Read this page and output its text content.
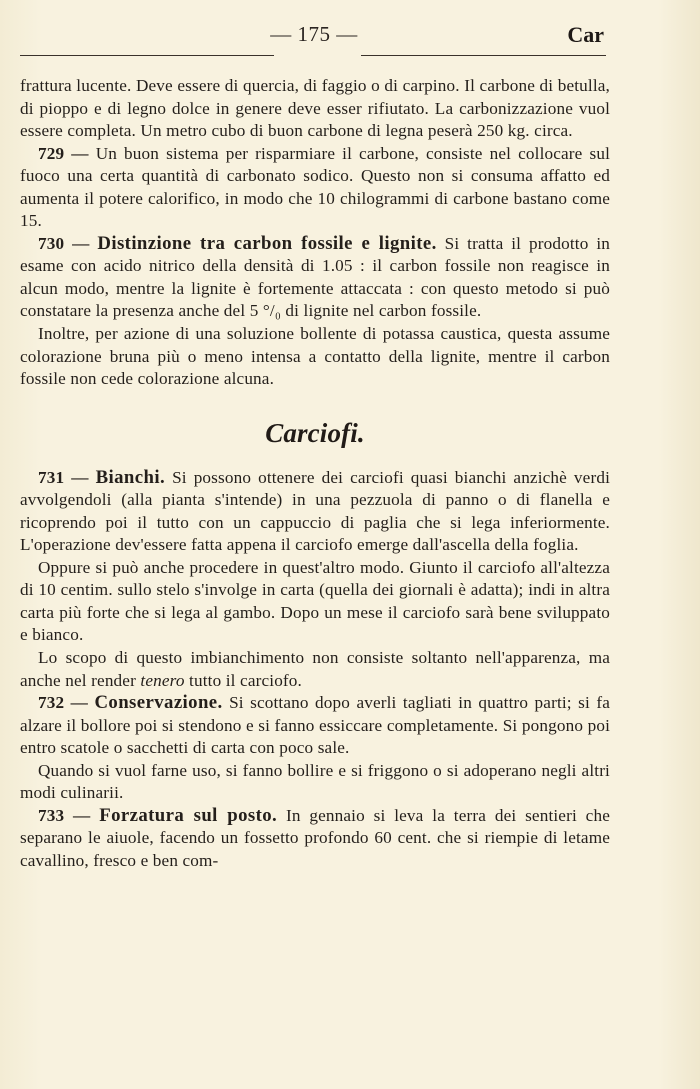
— 175 —	Car

frattura lucente. Deve essere di quercia, di faggio o di carpino. Il carbone di betulla, di pioppo e di legno dolce in genere deve esser rifiutato. La carbonizzazione vuol essere completa. Un metro cubo di buon carbone di legna peserà 250 kg. circa.

729 — Un buon sistema per risparmiare il carbone, consiste nel collocare sul fuoco una certa quantità di carbonato sodico. Questo non si consuma affatto ed aumenta il potere calorifico, in modo che 10 chilogrammi di carbone bastano come 15.

730 — Distinzione tra carbon fossile e lignite. Si tratta il prodotto in esame con acido nitrico della densità di 1.05 : il carbon fossile non reagisce in alcun modo, mentre la lignite è fortemente attaccata : con questo metodo si può constatare la presenza anche del 5 °/₀ di lignite nel carbon fossile.

Inoltre, per azione di una soluzione bollente di potassa caustica, questa assume colorazione bruna più o meno intensa a contatto della lignite, mentre il carbon fossile non cede colorazione alcuna.

Carciofi.

731 — Bianchi. Si possono ottenere dei carciofi quasi bianchi anzichè verdi avvolgendoli (alla pianta s'intende) in una pezzuola di panno o di flanella e ricoprendo poi il tutto con un cappuccio di paglia che si lega inferiormente. L'operazione dev'essere fatta appena il carciofo emerge dall'ascella della foglia.

Oppure si può anche procedere in quest'altro modo. Giunto il carciofo all'altezza di 10 centim. sullo stelo s'involge in carta (quella dei giornali è adatta); indi in altra carta più forte che si lega al gambo. Dopo un mese il carciofo sarà bene sviluppato e bianco.

Lo scopo di questo imbianchimento non consiste soltanto nell'apparenza, ma anche nel render tenero tutto il carciofo.

732 — Conservazione. Si scottano dopo averli tagliati in quattro parti; si fa alzare il bollore poi si stendono e si fanno essiccare completamente. Si pongono poi entro scatole o sacchetti di carta con poco sale.

Quando si vuol farne uso, si fanno bollire e si friggono o si adoperano negli altri modi culinarii.

733 — Forzatura sul posto. In gennaio si leva la terra dei sentieri che separano le aiuole, facendo un fossetto profondo 60 cent. che si riempie di letame cavallino, fresco e ben com-
